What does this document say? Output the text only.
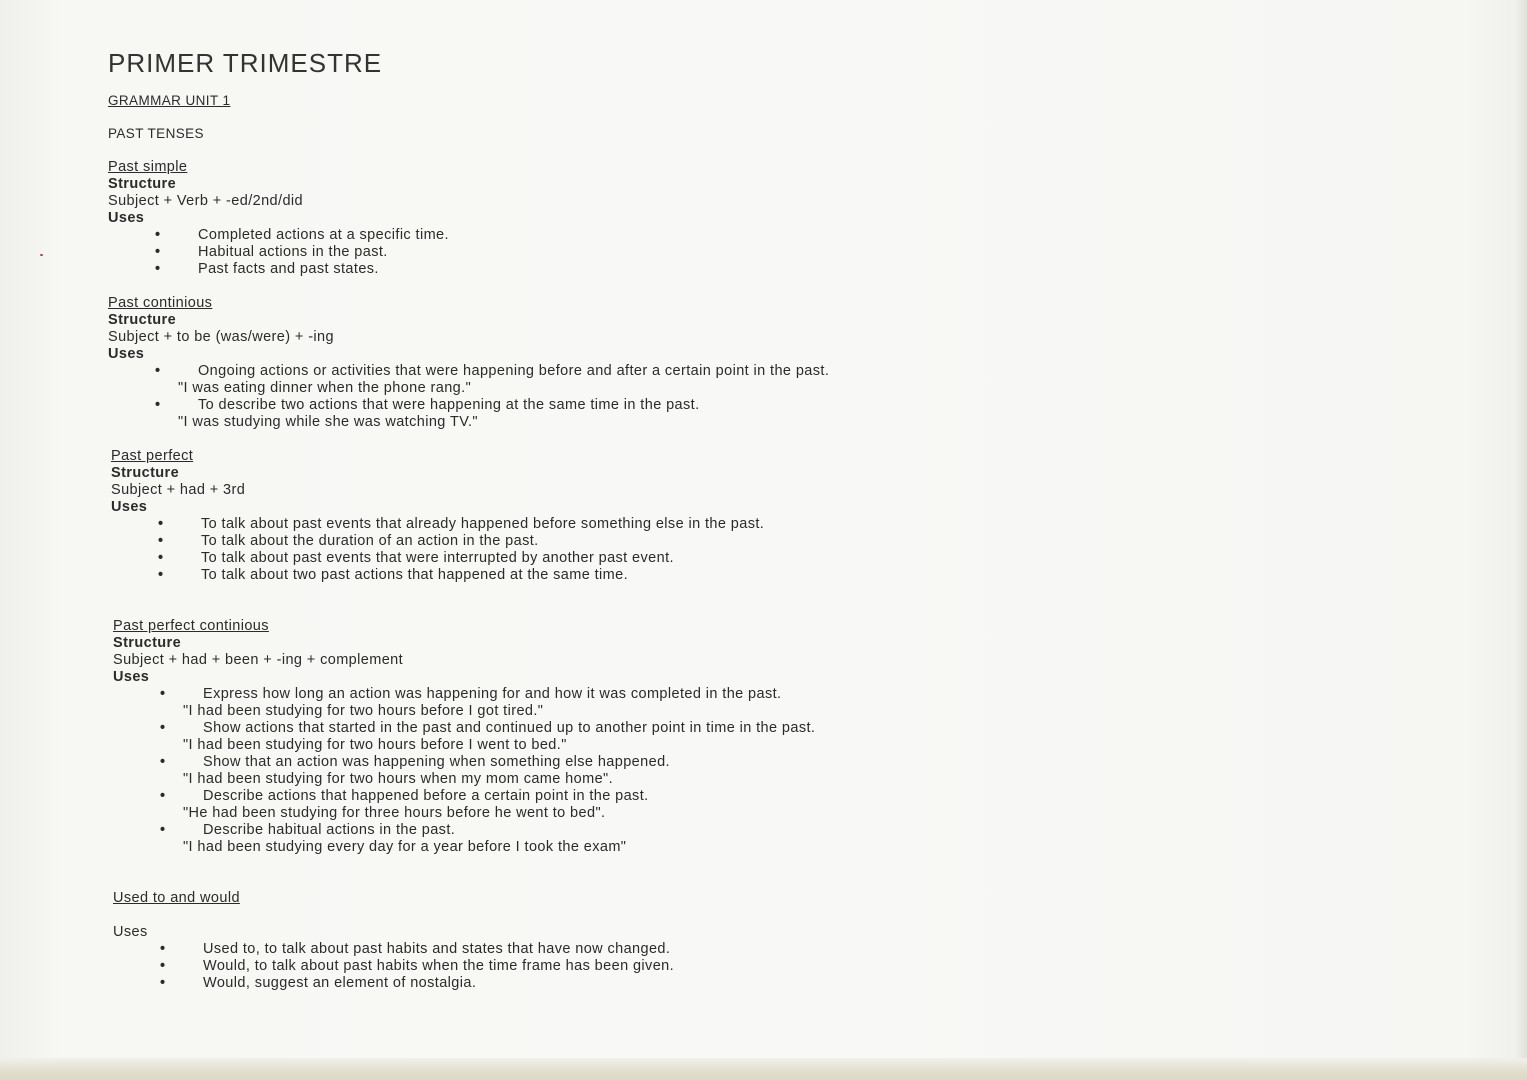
PRIMER TRIMESTRE

GRAMMAR UNIT 1

PAST TENSES

Past simple

Structure

Subject + Verb + -ed/2nd/did

Uses

• Completed actions at a specific time.
• Habitual actions in the past.
• Past facts and past states.

Past continious

Structure

Subject + to be (was/were) + -ing

Uses

• Ongoing actions or activities that were happening before and after a certain point in the past.

"I was eating dinner when the phone rang."

• To describe two actions that were happening at the same time in the past.

"I was studying while she was watching TV."

Past perfect

Structure

Subject + had + 3rd

Uses

• To talk about past events that already happened before something else in the past.
• To talk about the duration of an action in the past.
• To talk about past events that were interrupted by another past event.
• To talk about two past actions that happened at the same time.

Past perfect continious

Structure

Subject + had + been + -ing + complement

Uses

• Express how long an action was happening for and how it was completed in the past.

"I had been studying for two hours before I got tired."

• Show actions that started in the past and continued up to another point in time in the past.

"I had been studying for two hours before I went to bed."

• Show that an action was happening when something else happened.

"I had been studying for two hours when my mom came home".

• Describe actions that happened before a certain point in the past.

"He had been studying for three hours before he went to bed".

• Describe habitual actions in the past.

"I had been studying every day for a year before I took the exam"

Used to and would

Uses

• Used to, to talk about past habits and states that have now changed.
• Would, to talk about past habits when the time frame has been given.
• Would, suggest an element of nostalgia.
